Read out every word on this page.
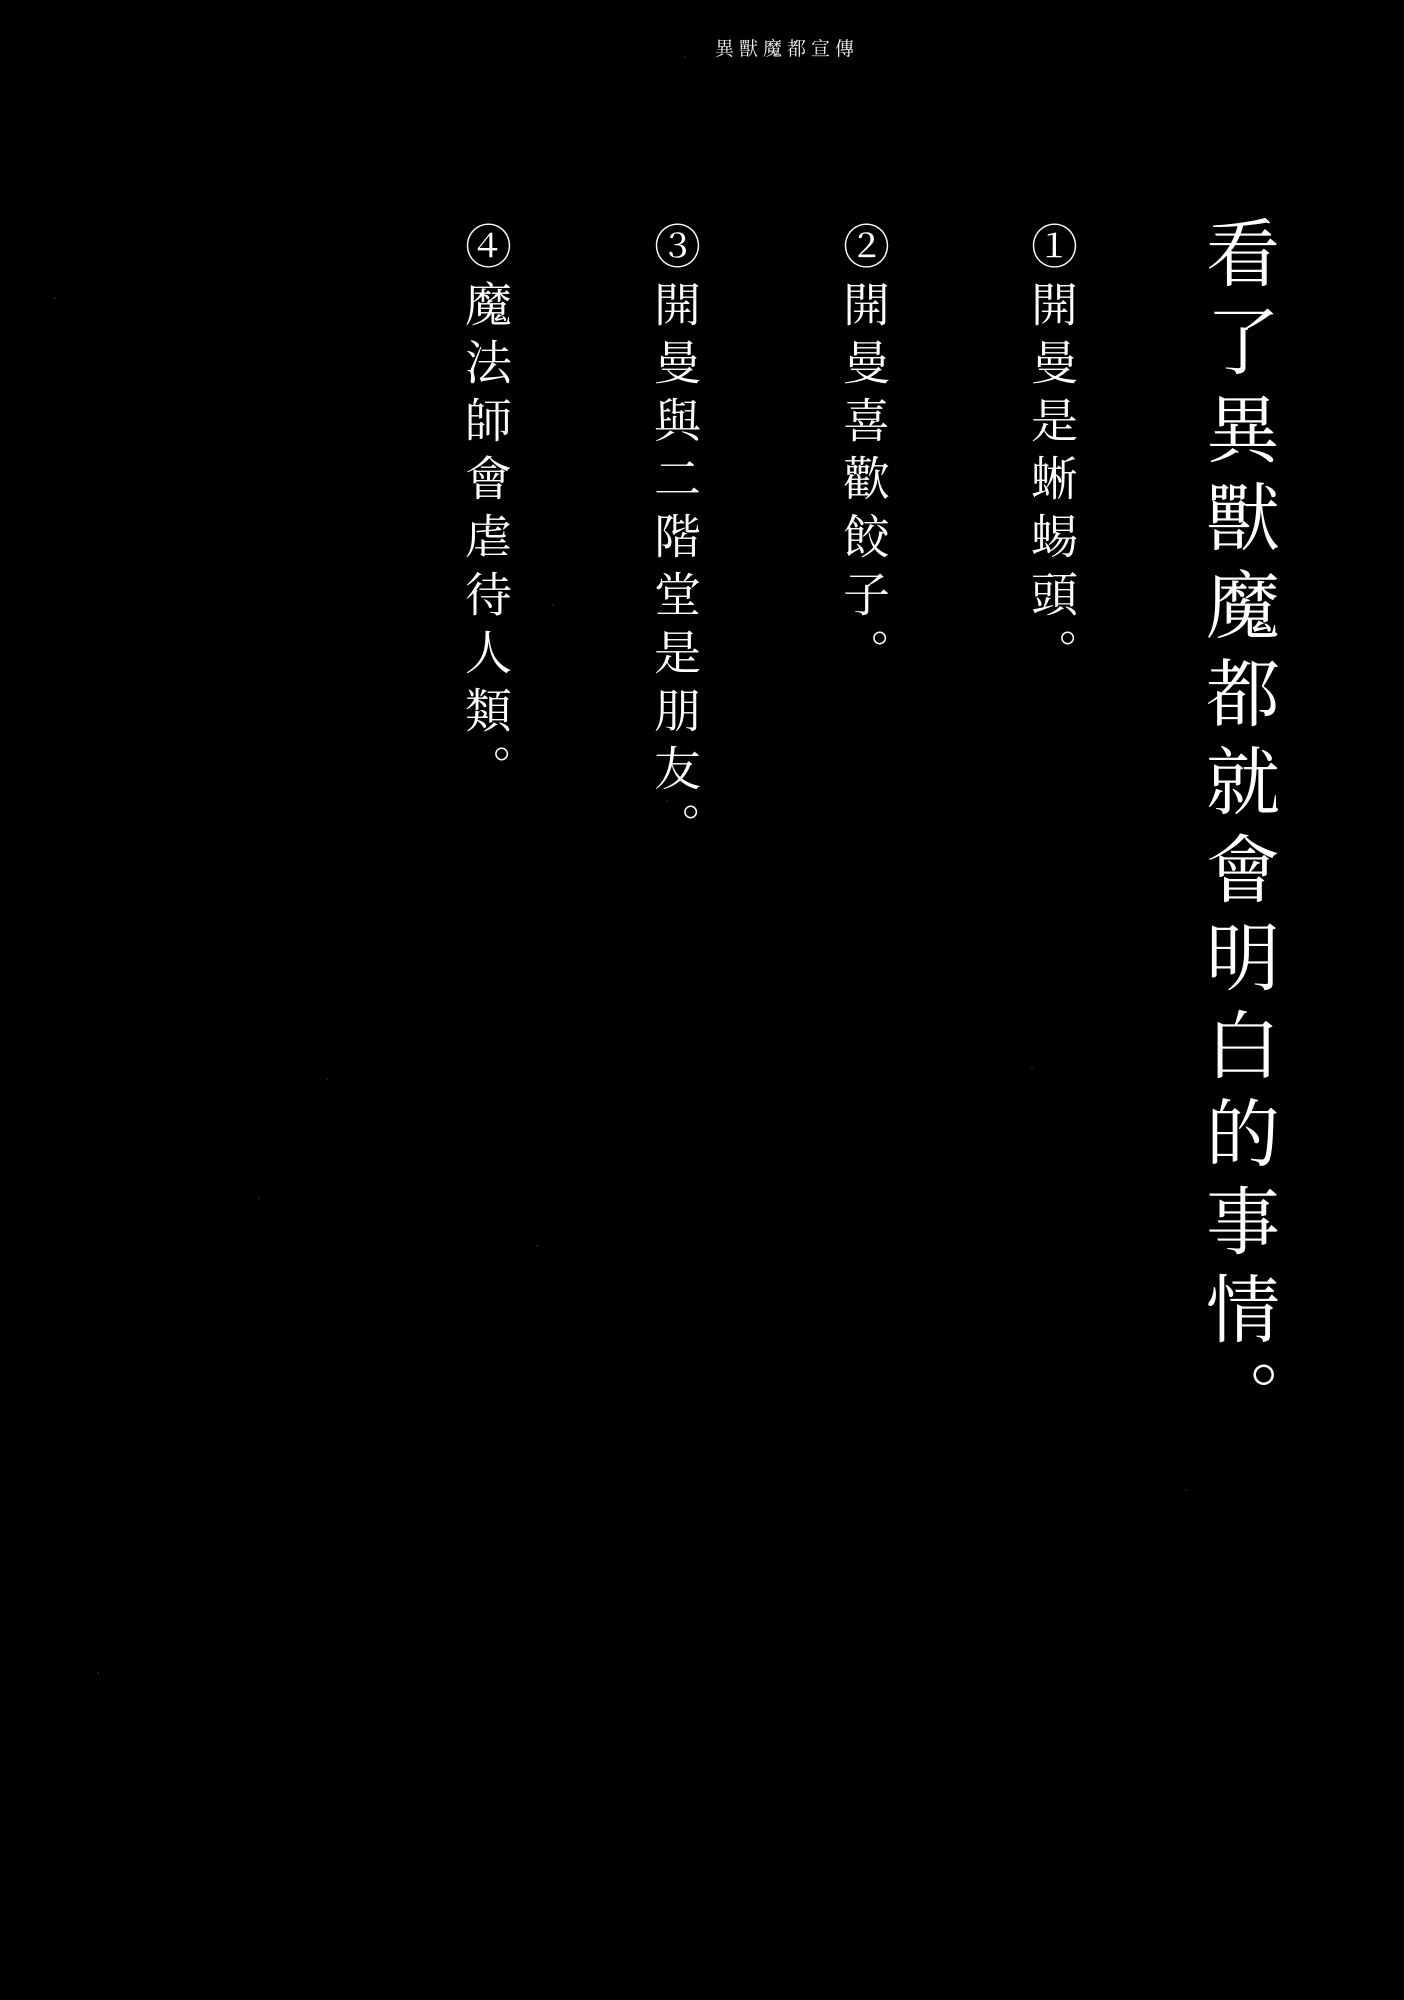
異獸魔都宣傳
看了異獸魔都就會明白的事情。
①開曼是蜥蜴頭。
②開曼喜歡餃子。
③開曼與二階堂是朋友。
④魔法師會虐待人類。
